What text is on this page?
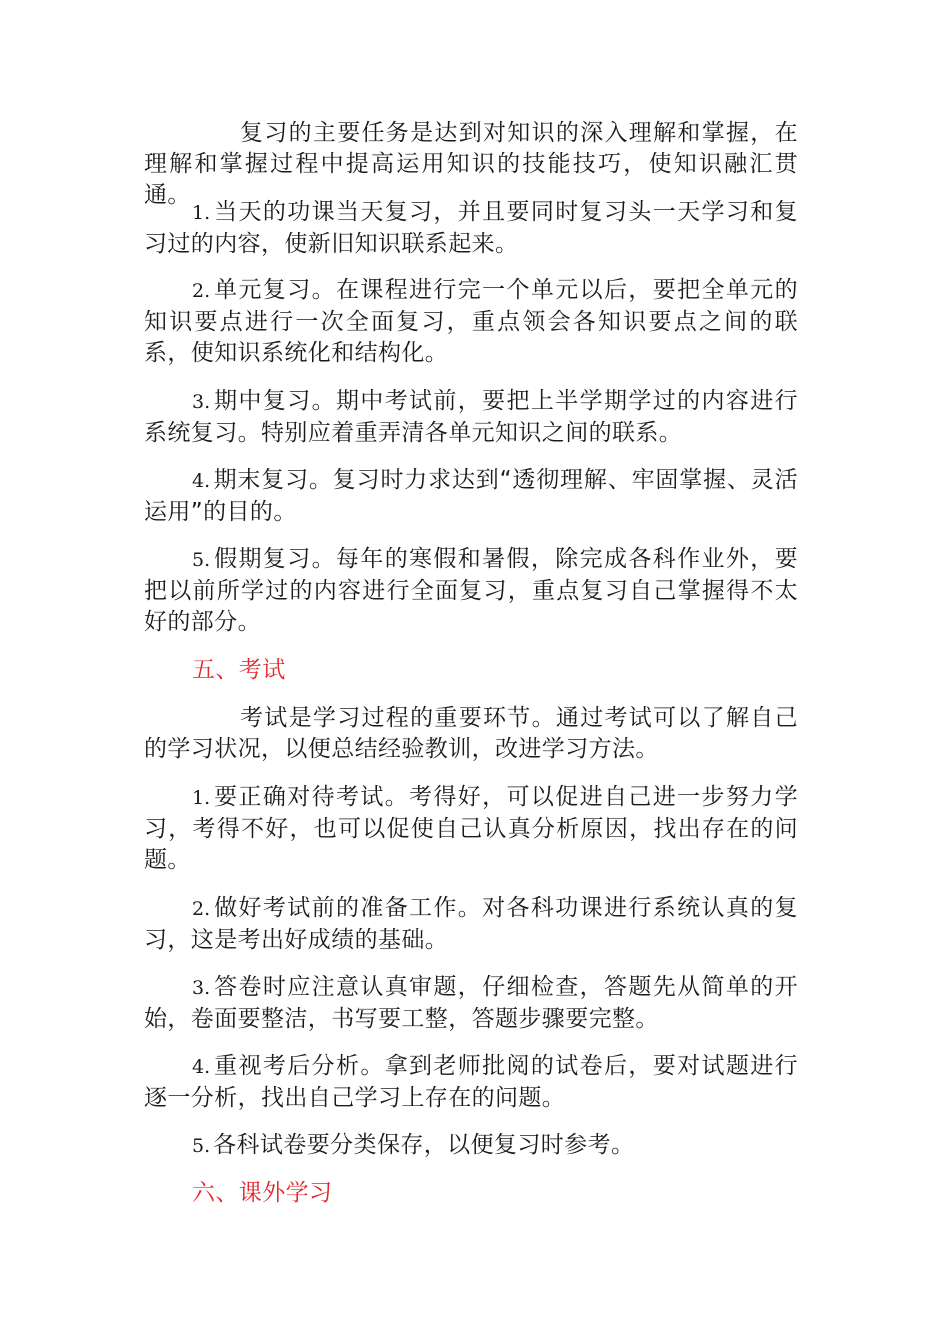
复习的主要任务是达到对知识的深入理解和掌握，在理解和掌握过程中提高运用知识的技能技巧，使知识融汇贯通。

1. 当天的功课当天复习，并且要同时复习头一天学习和复习过的内容，使新旧知识联系起来。

2. 单元复习。在课程进行完一个单元以后，要把全单元的知识要点进行一次全面复习，重点领会各知识要点之间的联系，使知识系统化和结构化。

3. 期中复习。期中考试前，要把上半学期学过的内容进行系统复习。特别应着重弄清各单元知识之间的联系。

4. 期末复习。复习时力求达到“透彻理解、牢固掌握、灵活运用”的目的。

5. 假期复习。每年的寒假和暑假，除完成各科作业外，要把以前所学过的内容进行全面复习，重点复习自己掌握得不太好的部分。

五、考试

考试是学习过程的重要环节。通过考试可以了解自己的学习状况，以便总结经验教训，改进学习方法。

1. 要正确对待考试。考得好，可以促进自己进一步努力学习，考得不好，也可以促使自己认真分析原因，找出存在的问题。

2. 做好考试前的准备工作。对各科功课进行系统认真的复习，这是考出好成绩的基础。

3. 答卷时应注意认真审题，仔细检查，答题先从简单的开始，卷面要整洁，书写要工整，答题步骤要完整。

4. 重视考后分析。拿到老师批阅的试卷后，要对试题进行逐一分析，找出自己学习上存在的问题。

5. 各科试卷要分类保存，以便复习时参考。

六、课外学习
